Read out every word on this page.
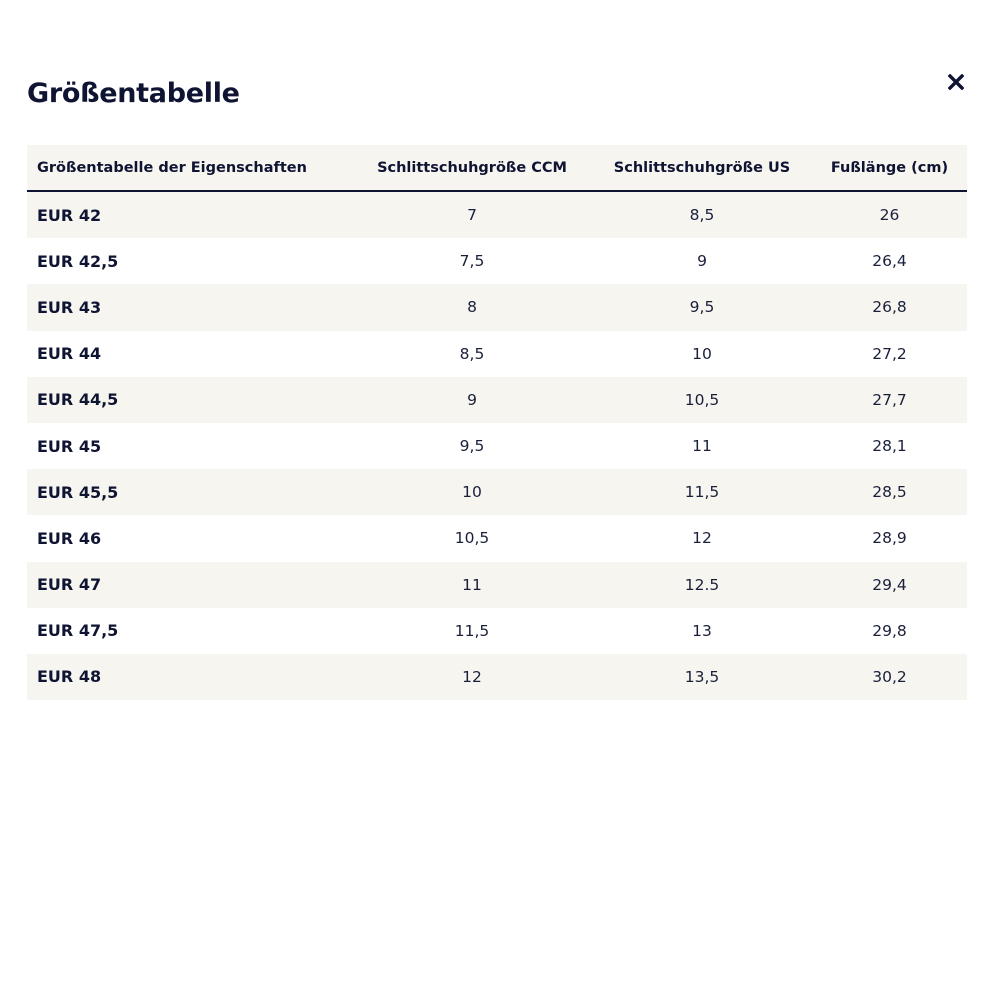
Größentabelle
Größentabelle der Eigenschaften	Schlittschuhgröße CCM	Schlittschuhgröße US	Fußlänge (cm)
EUR 42	7	8,5	26
EUR 42,5	7,5	9	26,4
EUR 43	8	9,5	26,8
EUR 44	8,5	10	27,2
EUR 44,5	9	10,5	27,7
EUR 45	9,5	11	28,1
EUR 45,5	10	11,5	28,5
EUR 46	10,5	12	28,9
EUR 47	11	12.5	29,4
EUR 47,5	11,5	13	29,8
EUR 48	12	13,5	30,2
